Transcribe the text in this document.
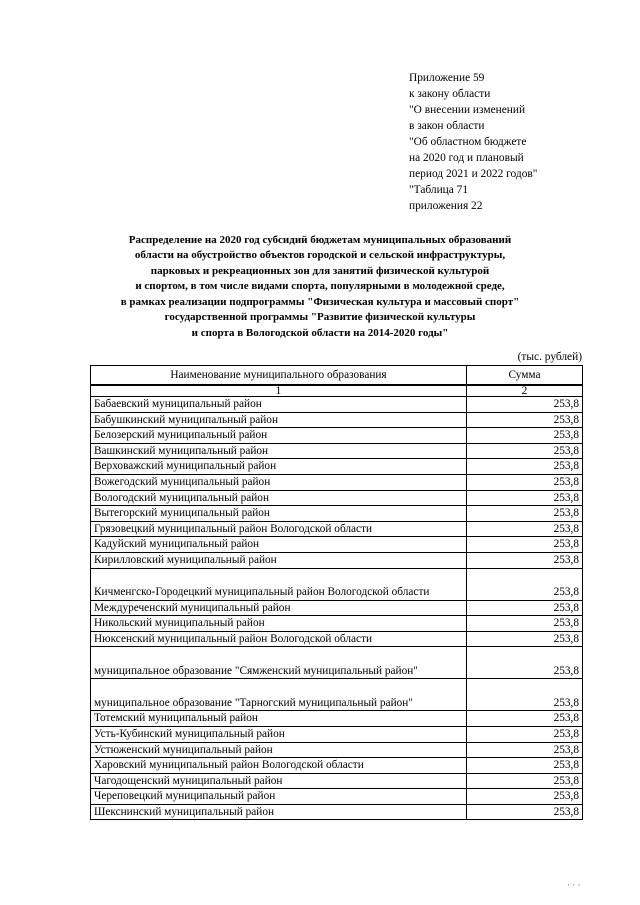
Приложение 59
к закону области
"О внесении изменений
в закон области
"Об областном бюджете
на 2020 год и плановый
период 2021 и 2022 годов"
"Таблица 71
приложения 22
Распределение на 2020 год субсидий бюджетам муниципальных образований
области на обустройство объектов городской и сельской инфраструктуры,
парковых и рекреационных зон для занятий физической культурой
и спортом, в том числе видами спорта, популярными в молодежной среде,
в рамках реализации подпрограммы "Физическая культура и массовый спорт"
государственной программы "Развитие физической культуры
и спорта в Вологодской области на 2014-2020 годы"
(тыс. рублей)
Наименование муниципального образования	Сумма
1	2
Бабаевский муниципальный район	253,8
Бабушкинский муниципальный район	253,8
Белозерский муниципальный район	253,8
Вашкинский муниципальный район	253,8
Верховажский муниципальный район	253,8
Вожегодский муниципальный район	253,8
Вологодский муниципальный район	253,8
Вытегорский муниципальный район	253,8
Грязовецкий муниципальный район Вологодской области	253,8
Кадуйский муниципальный район	253,8
Кирилловский муниципальный район	253,8
Кичменгско-Городецкий муниципальный район Вологодской области	253,8
Междуреченский муниципальный район	253,8
Никольский муниципальный район	253,8
Нюксенский муниципальный район Вологодской области	253,8
муниципальное образование "Сямженский муниципальный район"	253,8
муниципальное образование "Тарногский муниципальный район"	253,8
Тотемский муниципальный район	253,8
Усть-Кубинский муниципальный район	253,8
Устюженский муниципальный район	253,8
Харовский муниципальный район Вологодской области	253,8
Чагодощенский муниципальный район	253,8
Череповецкий муниципальный район	253,8
Шекснинский муниципальный район	253,8
· · ·
